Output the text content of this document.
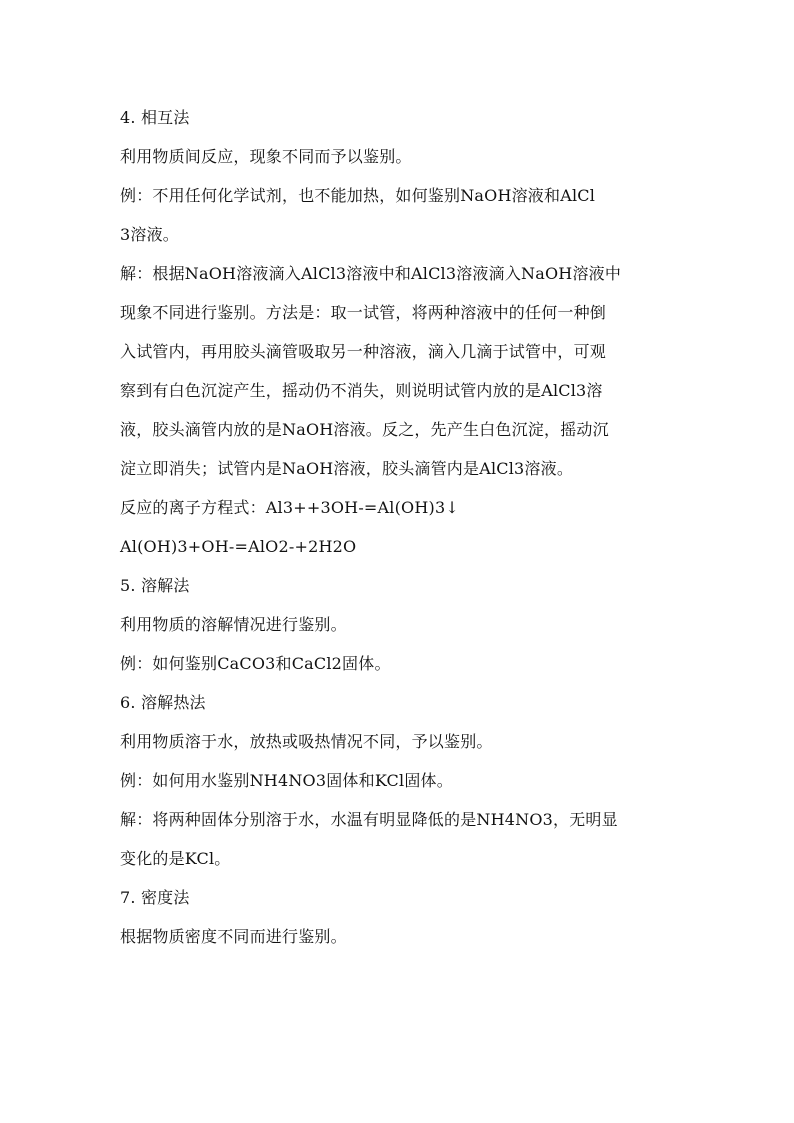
4. 相互法
利用物质间反应，现象不同而予以鉴别。
例：不用任何化学试剂，也不能加热，如何鉴别NaOH溶液和AlCl
3溶液。
解：根据NaOH溶液滴入AlCl3溶液中和AlCl3溶液滴入NaOH溶液中
现象不同进行鉴别。方法是：取一试管，将两种溶液中的任何一种倒
入试管内，再用胶头滴管吸取另一种溶液，滴入几滴于试管中，可观
察到有白色沉淀产生，摇动仍不消失，则说明试管内放的是AlCl3溶
液，胶头滴管内放的是NaOH溶液。反之，先产生白色沉淀，摇动沉
淀立即消失；试管内是NaOH溶液，胶头滴管内是AlCl3溶液。
反应的离子方程式：Al3++3OH-=Al(OH)3↓
Al(OH)3+OH-=AlO2-+2H2O
5. 溶解法
利用物质的溶解情况进行鉴别。
例：如何鉴别CaCO3和CaCl2固体。
6. 溶解热法
利用物质溶于水，放热或吸热情况不同，予以鉴别。
例：如何用水鉴别NH4NO3固体和KCl固体。
解：将两种固体分别溶于水，水温有明显降低的是NH4NO3，无明显
变化的是KCl。
7. 密度法
根据物质密度不同而进行鉴别。
